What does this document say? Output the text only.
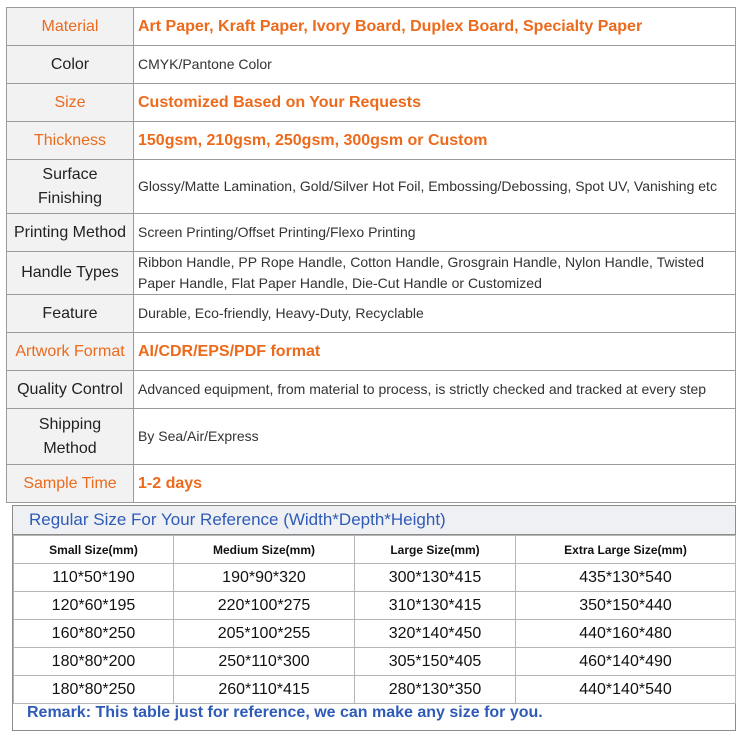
Material	Art Paper, Kraft Paper, Ivory Board, Duplex Board, Specialty Paper
Color	CMYK/Pantone Color
Size	Customized Based on Your Requests
Thickness	150gsm, 210gsm, 250gsm, 300gsm or Custom
Surface Finishing	Glossy/Matte Lamination, Gold/Silver Hot Foil, Embossing/Debossing, Spot UV, Vanishing etc
Printing Method	Screen Printing/Offset Printing/Flexo Printing
Handle Types	Ribbon Handle, PP Rope Handle, Cotton Handle, Grosgrain Handle, Nylon Handle, Twisted Paper Handle, Flat Paper Handle, Die-Cut Handle or Customized
Feature	Durable, Eco-friendly, Heavy-Duty, Recyclable
Artwork Format	AI/CDR/EPS/PDF format
Quality Control	Advanced equipment, from material to process, is strictly checked and tracked at every step
Shipping Method	By Sea/Air/Express
Sample Time	1-2 days
Regular Size For Your Reference (Width*Depth*Height)
Small Size(mm)	Medium Size(mm)	Large Size(mm)	Extra Large Size(mm)
110*50*190	190*90*320	300*130*415	435*130*540
120*60*195	220*100*275	310*130*415	350*150*440
160*80*250	205*100*255	320*140*450	440*160*480
180*80*200	250*110*300	305*150*405	460*140*490
180*80*250	260*110*415	280*130*350	440*140*540
Remark: This table just for reference, we can make any size for you.
